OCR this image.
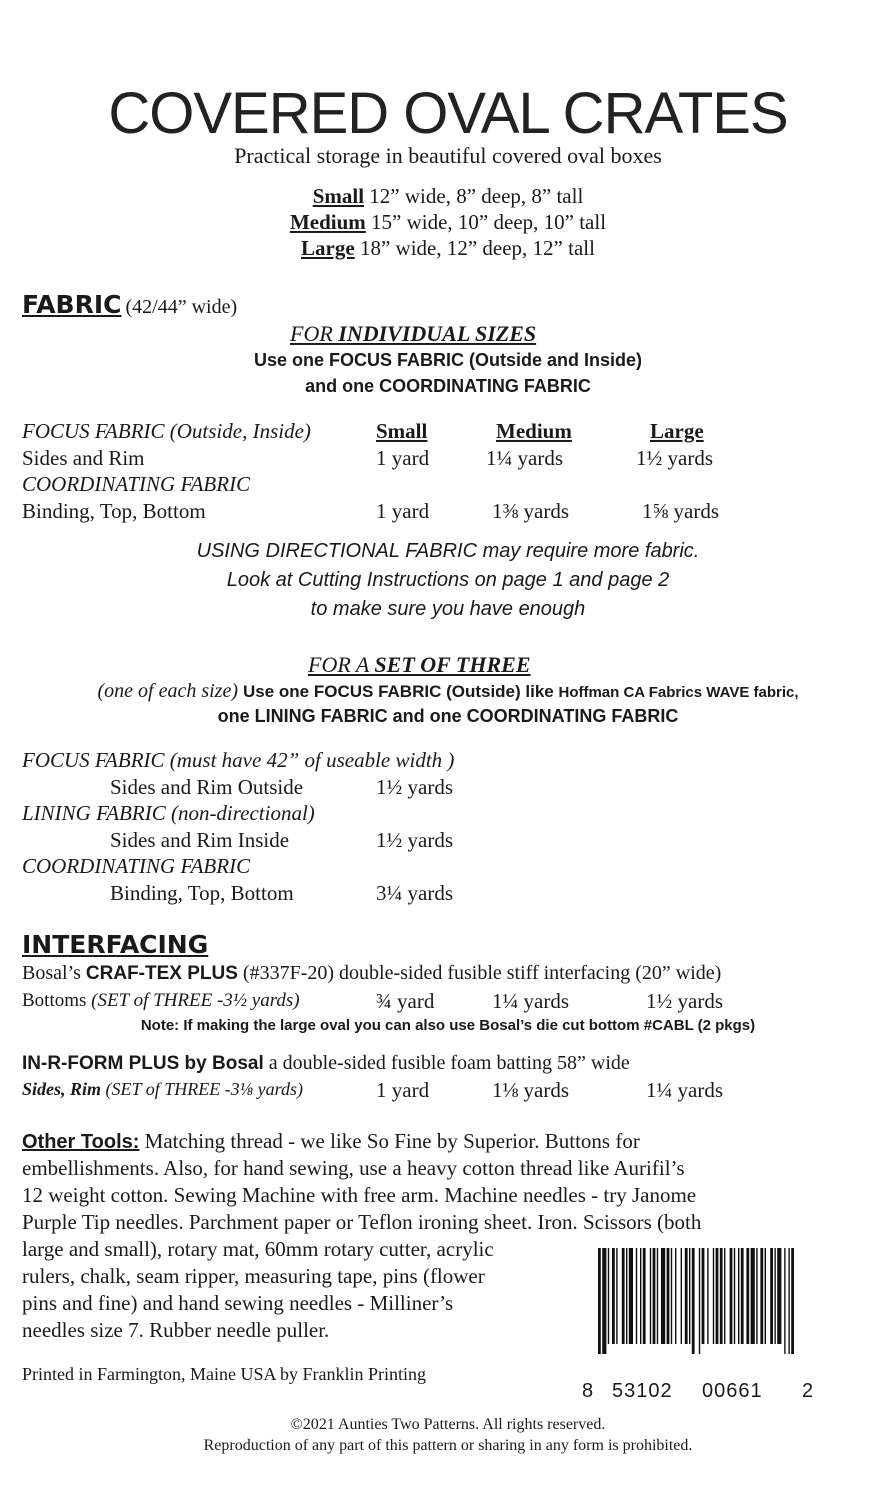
COVERED OVAL CRATES
Practical storage in beautiful covered oval boxes
Small 12” wide, 8” deep, 8” tall
Medium 15” wide, 10” deep, 10” tall
Large 18” wide, 12” deep, 12” tall
FABRIC (42/44” wide)
FOR INDIVIDUAL SIZES
Use one FOCUS FABRIC (Outside and Inside)
and one COORDINATING FABRIC
FOCUS FABRIC (Outside, Inside)	Small	Medium	Large
Sides and Rim	1 yard	1¼ yards	1½ yards
COORDINATING FABRIC
Binding, Top, Bottom	1 yard	1⅜ yards	1⅝ yards
USING DIRECTIONAL FABRIC may require more fabric.
Look at Cutting Instructions on page 1 and page 2
to make sure you have enough
FOR A SET OF THREE
(one of each size) Use one FOCUS FABRIC (Outside) like Hoffman CA Fabrics WAVE fabric,
one LINING FABRIC and one COORDINATING FABRIC
FOCUS FABRIC (must have 42” of useable width )
Sides and Rim Outside	1½ yards
LINING FABRIC (non-directional)
Sides and Rim Inside	1½ yards
COORDINATING FABRIC
Binding, Top, Bottom	3¼ yards
INTERFACING
Bosal’s CRAF-TEX PLUS (#337F-20) double-sided fusible stiff interfacing (20” wide)
Bottoms (SET of THREE -3½ yards)	¾ yard	1¼ yards	1½ yards
Note: If making the large oval you can also use Bosal’s die cut bottom #CABL (2 pkgs)
IN-R-FORM PLUS by Bosal a double-sided fusible foam batting 58” wide
Sides, Rim (SET of THREE -3⅛ yards)	1 yard	1⅛ yards	1¼ yards
Other Tools: Matching thread - we like So Fine by Superior. Buttons for
embellishments. Also, for hand sewing, use a heavy cotton thread like Aurifil’s
12 weight cotton. Sewing Machine with free arm. Machine needles - try Janome
Purple Tip needles. Parchment paper or Teflon ironing sheet. Iron. Scissors (both
large and small), rotary mat, 60mm rotary cutter, acrylic
rulers, chalk, seam ripper, measuring tape, pins (flower
pins and fine) and hand sewing needles - Milliner’s
needles size 7. Rubber needle puller.
Printed in Farmington, Maine USA by Franklin Printing
8 53102 00661 2
©2021 Aunties Two Patterns. All rights reserved.
Reproduction of any part of this pattern or sharing in any form is prohibited.
